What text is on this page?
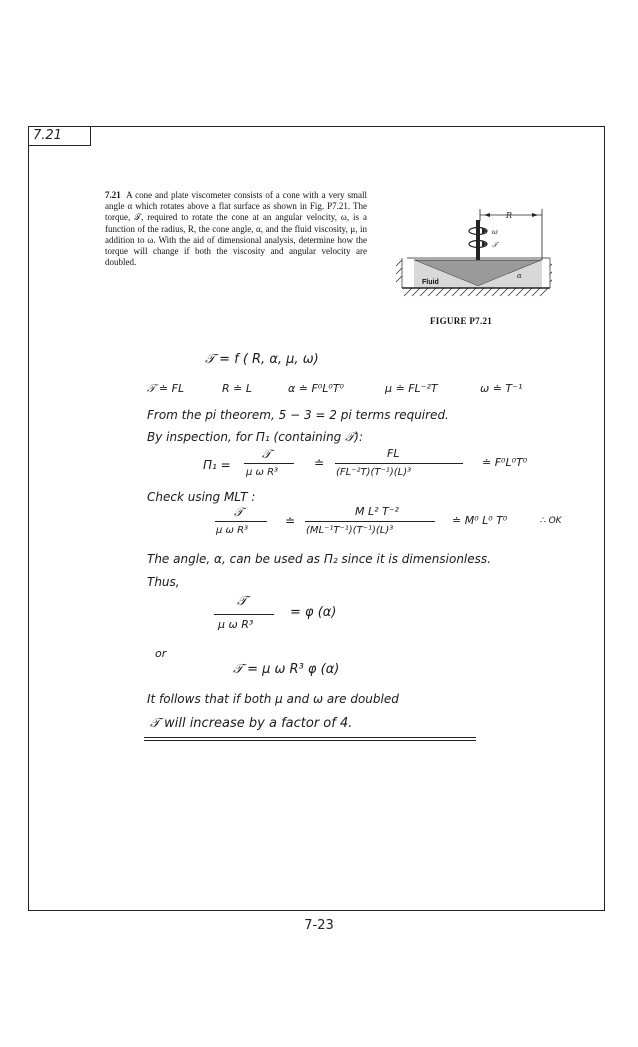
7.21
7.21 A cone and plate viscometer consists of a cone with a very small angle α which rotates above a flat surface as shown in Fig. P7.21. The torque, 𝒯, required to rotate the cone at an angular velocity, ω, is a function of the radius, R, the cone angle, α, and the fluid viscosity, μ, in addition to ω. With the aid of dimensional analysis, determine how the torque will change if both the viscosity and angular velocity are doubled.
R
ω
𝒯
Fluid
α
FIGURE P7.21
𝒯 = f ( R, α, μ, ω)
𝒯 ≐ FL	R ≐ L	α ≐ F⁰L⁰T⁰	μ ≐ FL⁻²T	ω ≐ T⁻¹
From the pi theorem, 5 − 3 = 2 pi terms required.
By inspection, for Π₁ (containing 𝒯):
Π₁ =
𝒯
μ ω R³
≐
FL
(FL⁻²T)(T⁻¹)(L)³
≐ F⁰L⁰T⁰
Check using MLT :
𝒯
μ ω R³
≐
M L² T⁻²
(ML⁻¹T⁻¹)(T⁻¹)(L)³
≐ M⁰ L⁰ T⁰	∴ OK
The angle, α, can be used as Π₂ since it is dimensionless.
Thus,
𝒯
μ ω R³
= φ (α)
or
𝒯 = μ ω R³ φ (α)
It follows that if both μ and ω are doubled
𝒯 will increase by a factor of 4.
7-23
